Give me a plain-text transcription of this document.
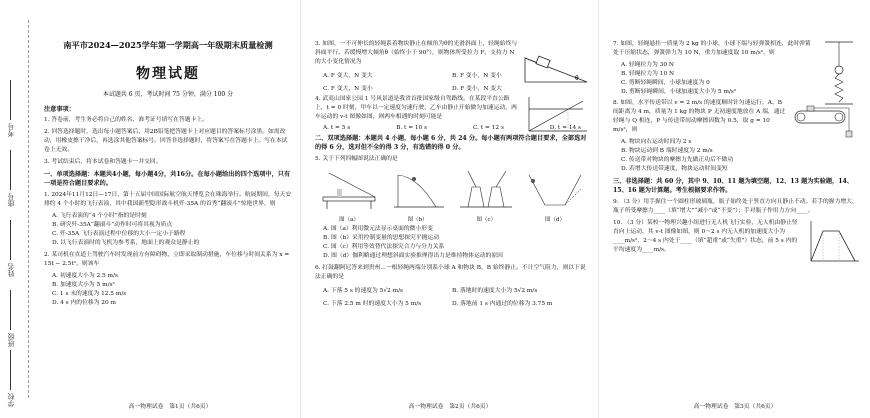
考号
座号
姓名
班级
学校
南平市2024—2025学年第一学期高一年级期末质量检测
物理试题
本试题共 6 页，考试时间 75 分钟，满分 100 分
注意事项：

1. 答卷前，考生务必将自己的姓名、准考证号填写在答题卡上。

2. 回答选择题时，选出每小题答案后，用2B铅笔把答题卡上对应题目的答案标号涂黑。如需改动，用橡皮擦干净后，再选涂其他答案标号。回答非选择题时，将答案写在答题卡上。写在本试卷上无效。

3. 考试结束后，将本试卷和答题卡一并交回。

一、单项选择题：本题共4小题，每小题4分，共16分。在每小题给出的四个选项中，只有一项是符合题目要求的。

1. 2024年11月12日—17日，第十五届中国国际航空航天博览会在珠海举行。航展期间，每天安排约 4 个小时的飞行表演，其中我国新型隐形战斗机歼-35A 的首秀“翻滚斗”惊艳世界，则

A. 飞行表演的“4 个小时”指的是时刻
B. 研究歼-35A“翻滚斗”动作时可将其视为质点
C. 歼-35A 飞行表演过程中位移的大小一定小于路程
D. 以飞行表演时的飞机为参考系，地面上的观众是静止的

2. 某司机在直道上驾驶汽车时发现前方有障碍物，立即采取制动措施，车位移与时间关系为 x = 15t − 2.5t²，则该车

A. 初速度大小为 2.5 m/s
B. 加速度大小为 5 m/s²
C. 1 s 末的速度为 12.5 m/s
D. 4 s 内的位移为 20 m
高一物理试卷　第1页（共6页）

3. 如图，一不可伸长的轻绳系着物块静止在倾角为θ的光滑斜面上，轻绳始终与斜面平行。若缓慢增大倾角θ（始终小于 90°），则物体所受拉力 F，支持力 N 的大小变化情况为

θ
A. F 变大，N 变大	B. F 变小，N 变小
C. F 变大，N 变小	D. F 变小，N 变大

4. 武夷山国家公园 1 号风景道是我省首批国家级自驾路线。在某段平直公路上，t = 0 时刻，甲车以一定速度匀速行驶，乙车由静止开始做匀加速运动，两车运动的 v-t 图像如图，则两车相遇的时刻可能是

A. t = 5 s	B. t = 10 s	C. t = 12 s	D. t = 14 s
二、双项选择题：本题共 4 小题，每小题 6 分，共 24 分。每小题有两项符合题目要求，全部选对的得 6 分，选对但不全的得 3 分，有选错的得 0 分。

5. 关于下列四幅图说法正确的是

图（a）	图（b）	图（c）	图（d）
A. 图（a）利用微元法显示桌面的微小形变
B. 图（b）采用控制变量的思想探究平抛运动
C. 图（c）利用等效替代法探究合力与分力关系
D. 图（d）伽利略通过理想斜面实验推理得出力是维持物体运动的原因

6. 打鼓翻阿尼答来到贵州...一根轻绳两端分别系小球 A 和物块 B，B 始终静止。不计空气阻力，则以下说法正确的是

A. 下落 5 s 的速度为 5√2 m/s	B. 落地时的速度大小为 5√2 m/s
C. 下落 2.5 m 时的速度大小为 5 m/s	D. 落地前 1 s 内通过的位移为 3.75 m
高一物理试卷　第2页（共6页）

7. 如图，轻绳悬挂一质量为 2 kg 的小球，小球下端与轻弹簧相连，此时弹簧处于压缩状态，弹簧弹力为 10 N，重力加速度取 10 m/s²，则

A. 轻绳拉力为 30 N
B. 轻绳拉力为 10 N
C. 剪断轻绳瞬间，小球加速度为 0
D. 剪断轻绳瞬间，小球加速度大小为 5 m/s²

8. 如图，水平传送带以 v = 2 m/s 的速度顺时针匀速运行，A、B 间距离为 4 m，质量为 1 kg 的物块 P 无初速度地放在 A 端，通过轻绳与 Q 相连，P 与传送带间动摩擦因数为 0.5，取 g = 10 m/s²，则

A. 物块向右运动时间为 2 s
B. 物块运动到 B 端时速度为 2 m/s
C. 传送带对物块的摩擦力先做正功后不做功
D. 若增大传送带速度，物块运动时间变短
三、非选择题：共 60 分，其中 9、10、11 题为填空题，12、13 题为实验题，14、15、16 题为计算题。考生根据要求作答。

9. （3 分）用手握住一个圆柱形玻璃瓶，瓶子始终处于竖直方向且静止不动。若手的握力增大，瓶子所受摩擦力____（填“增大”“减小”或“不变”）；手对瓶子作用力方向____。

10. （3 分）某校一物理兴趣小组进行无人机飞行实验，无人机由静止竖直向上运动，其 v-t 图像如图，则 0～2 s 内无人机的加速度大小为____m/s²，2～4 s 内处于____（填“超重”或“失重”）状态，前 5 s 内的平均速度为____m/s。

高一物理试卷　第3页（共6页）
